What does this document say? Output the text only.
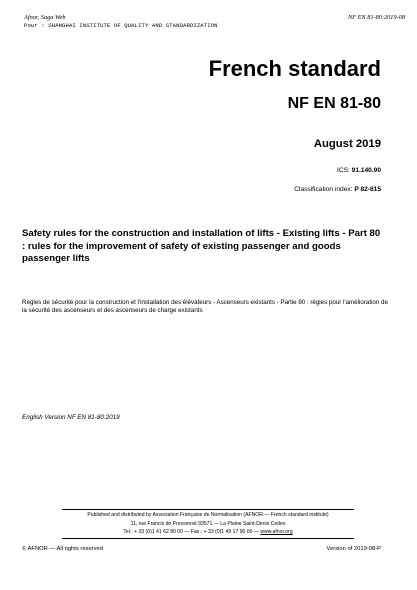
Afnor, Saga Web
Pour : SHANGHAI INSTITUTE OF QUALITY AND STANDARDIZATION
NF EN 81-80:2019-08
French standard
NF EN 81-80
August 2019
ICS: 91.140.90
Classification index: P 82-615
Safety rules for the construction and installation of lifts - Existing lifts - Part 80 : rules for the improvement of safety of existing passenger and goods passenger lifts
Règles de sécurité pour la construction et l'installation des élévateurs - Ascenseurs existants - Partie 80 : règles pour l'amélioration de la sécurité des ascenseurs et des ascenseurs de charge existants
English Version NF EN 81-80:2019
Published and distributed by Association Française de Normalisation (AFNOR — French standard institute)
11, rue Francis de Pressensé 93571 — La Plaine Saint-Denis Cedex
Tel.: + 33 (0)1 41 62 80 00 — Fax.: + 33 (0)1 49 17 90 00 — www.afnor.org
© AFNOR — All rights reserved	Version of 2019-08-P
